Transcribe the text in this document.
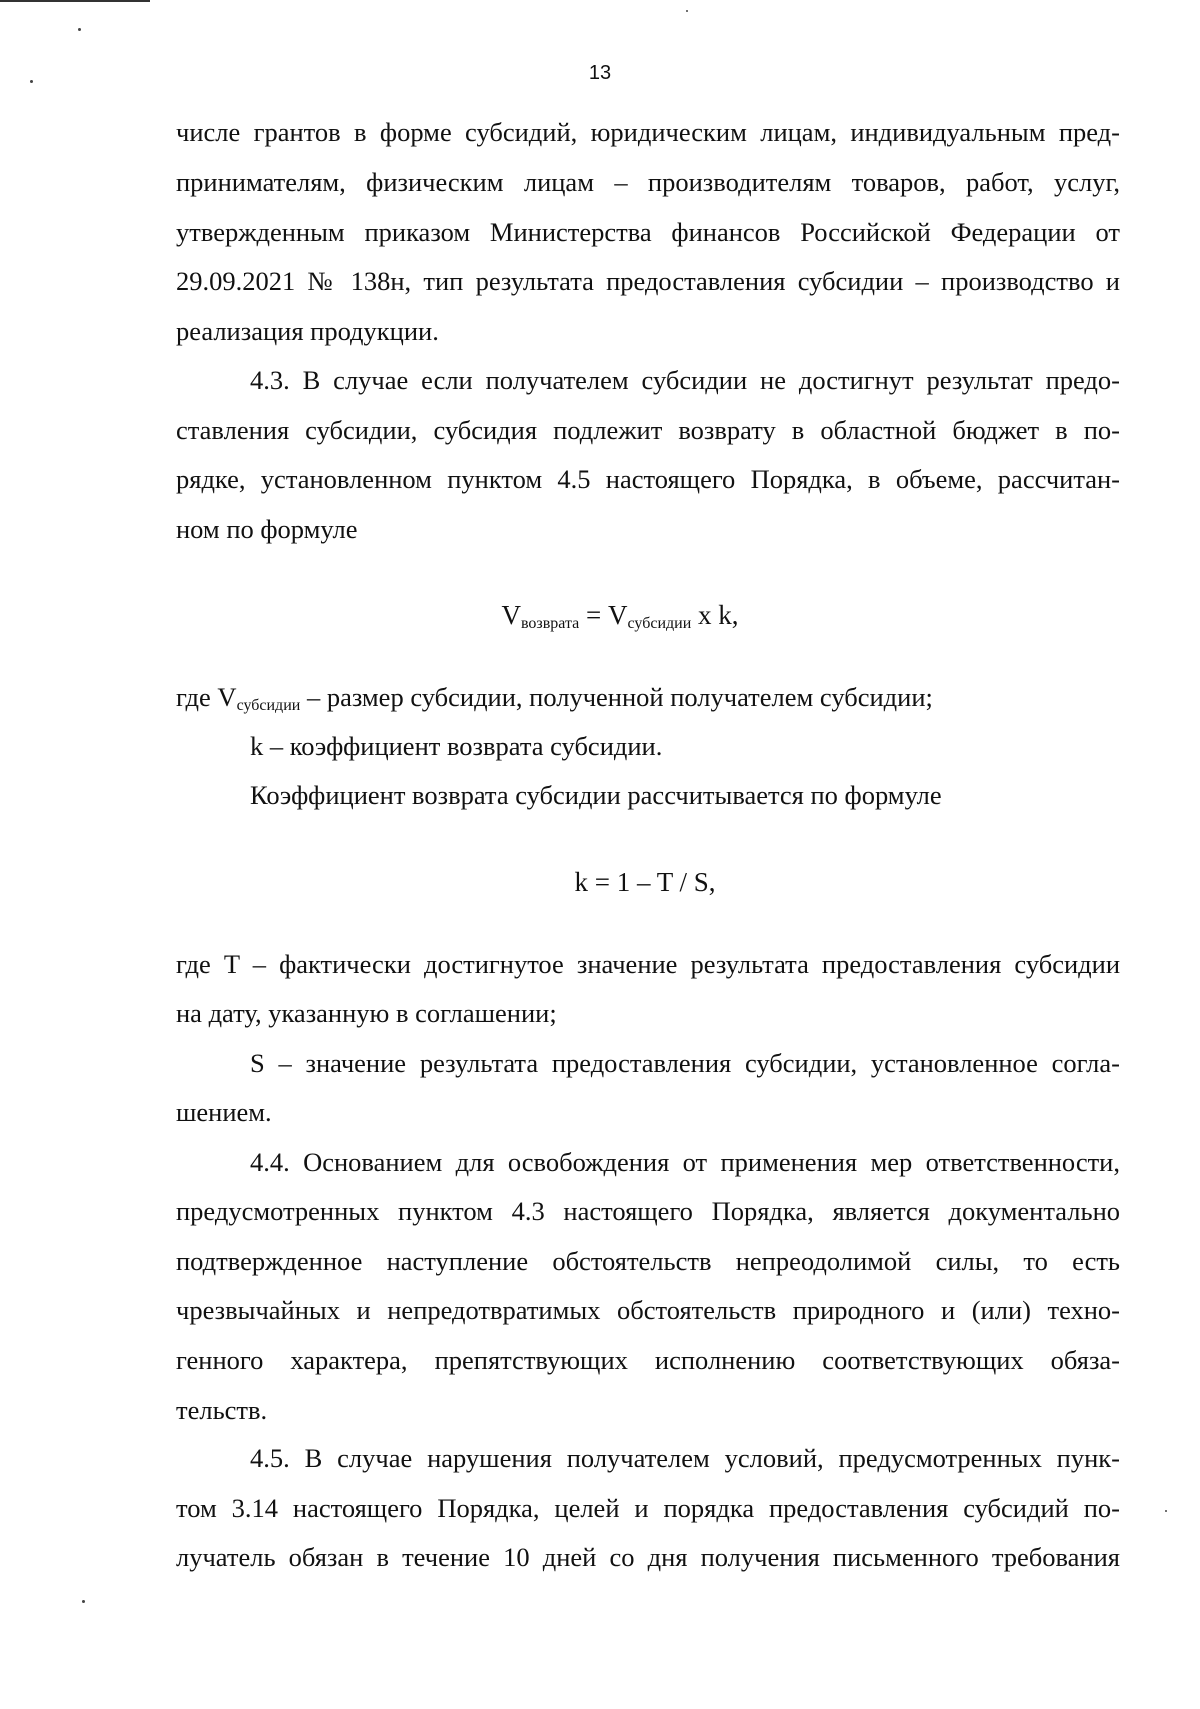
13
числе грантов в форме субсидий, юридическим лицам, индивидуальным пред-
принимателям, физическим лицам – производителям товаров, работ, услуг,
утвержденным приказом Министерства финансов Российской Федерации от
29.09.2021 № 138н, тип результата предоставления субсидии – производство и
реализация продукции.
4.3. В случае если получателем субсидии не достигнут результат предо-
ставления субсидии, субсидия подлежит возврату в областной бюджет в по-
рядке, установленном пунктом 4.5 настоящего Порядка, в объеме, рассчитан-
ном по формуле
$V_{возврата} = V_{субсидии}$ x k,
где $V_{субсидии}$ – размер субсидии, полученной получателем субсидии;
k – коэффициент возврата субсидии.
Коэффициент возврата субсидии рассчитывается по формуле
k = 1 – T / S,
где T – фактически достигнутое значение результата предоставления субсидии
на дату, указанную в соглашении;
S – значение результата предоставления субсидии, установленное согла-
шением.
4.4. Основанием для освобождения от применения мер ответственности,
предусмотренных пунктом 4.3 настоящего Порядка, является документально
подтвержденное наступление обстоятельств непреодолимой силы, то есть
чрезвычайных и непредотвратимых обстоятельств природного и (или) техно-
генного характера, препятствующих исполнению соответствующих обяза-
тельств.
4.5. В случае нарушения получателем условий, предусмотренных пунк-
том 3.14 настоящего Порядка, целей и порядка предоставления субсидий по-
лучатель обязан в течение 10 дней со дня получения письменного требования
